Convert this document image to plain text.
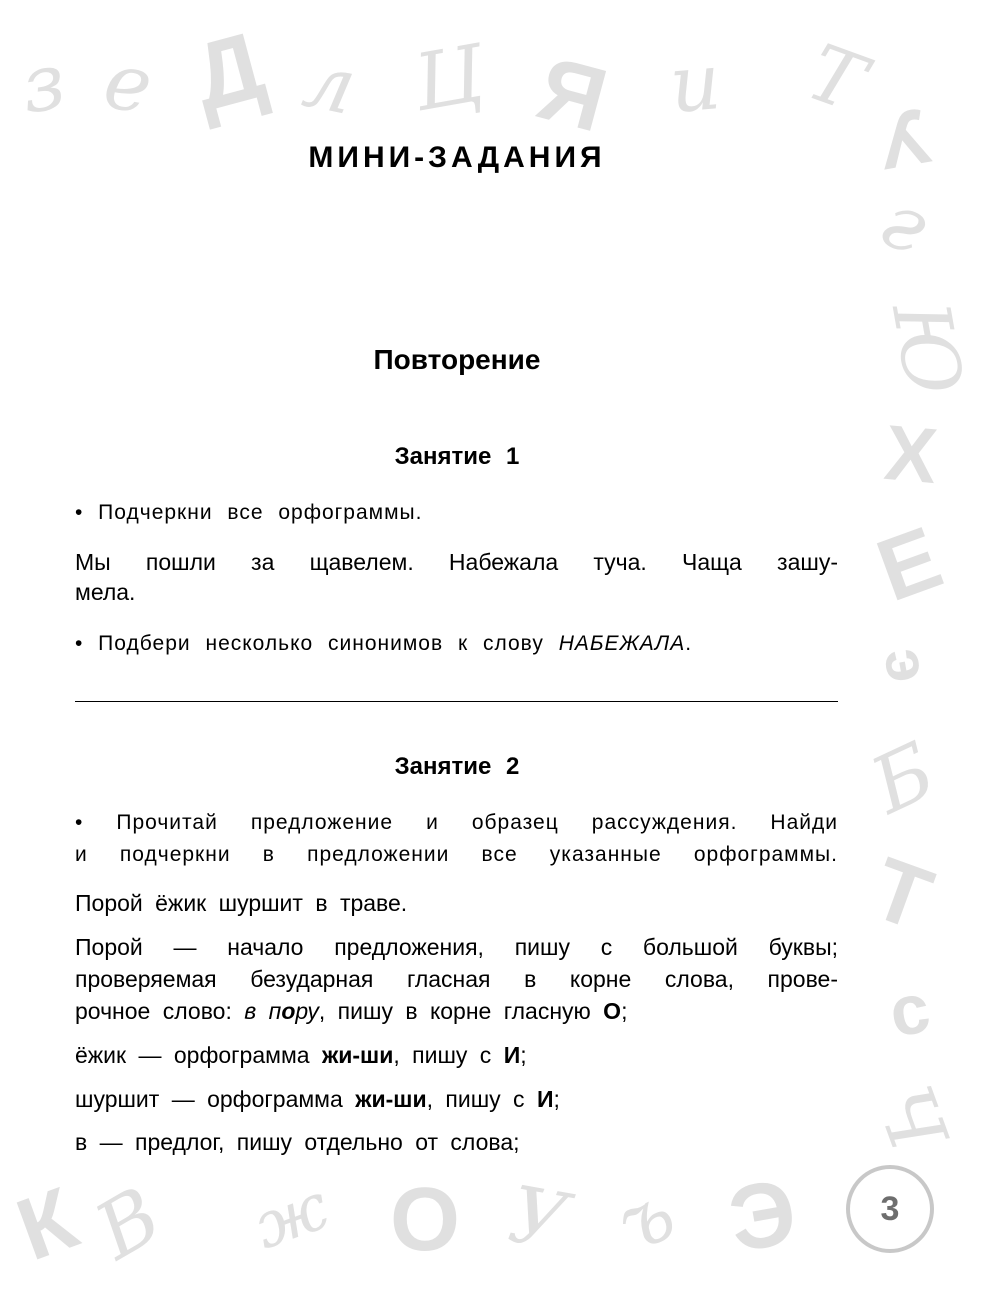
з е Д л Ц Я и Т
У
г
Ю
Х
Е
э
Б
Т
с
Ч
К
В ж О У ъ Э
МИНИ-ЗАДАНИЯ
Повторение
Занятие 1
• Подчеркни все орфограммы.
Мы пошли за щавелем. Набежала туча. Чаща зашу-
мела.
• Подбери несколько синонимов к слову НАБЕЖАЛА.
Занятие 2
• Прочитай предложение и образец рассуждения. Найди
и подчеркни в предложении все указанные орфограммы.
Порой ёжик шуршит в траве.
Порой — начало предложения, пишу с большой буквы;
проверяемая безударная гласная в корне слова, прове-
рочное слово: в пору, пишу в корне гласную О;
ёжик — орфограмма жи-ши, пишу с И;
шуршит — орфограмма жи-ши, пишу с И;
в — предлог, пишу отдельно от слова;
3
